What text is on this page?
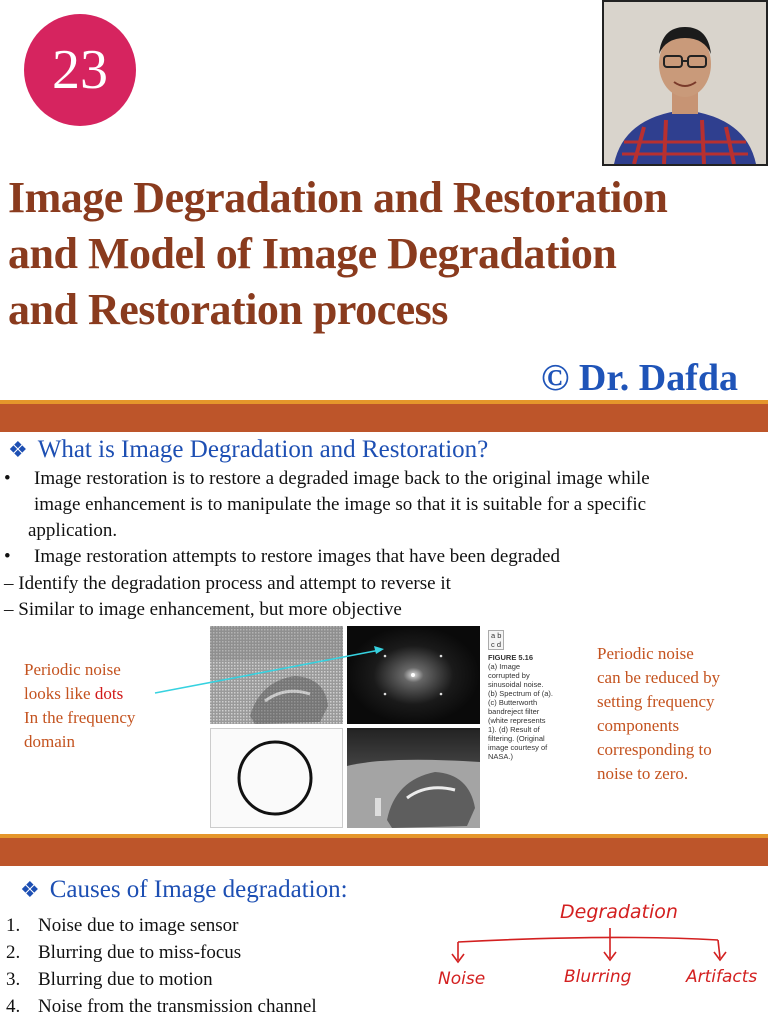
23
Image Degradation and Restoration
and Model of Image Degradation
and Restoration process
© Dr. Dafda
❖ What is Image Degradation and Restoration?
• Image restoration is to restore a degraded image back to the original image while
image enhancement is to manipulate the image so that it is suitable for a specific
application.
• Image restoration attempts to restore images that have been degraded
– Identify the degradation process and attempt to reverse it
– Similar to image enhancement, but more objective
Periodic noise
looks like dots
In the frequency
domain
a b
c d
FIGURE 5.16
(a) Image
corrupted by
sinusoidal noise.
(b) Spectrum of (a).
(c) Butterworth
bandreject filter
(white represents
1). (d) Result of
filtering. (Original
image courtesy of
NASA.)
Periodic noise
can be reduced by
setting frequency
components
corresponding to
noise to zero.
❖ Causes of Image degradation:
1. Noise due to image sensor
2. Blurring due to miss-focus
3. Blurring due to motion
4. Noise from the transmission channel
Degradation
Noise	Blurring	Artifacts
